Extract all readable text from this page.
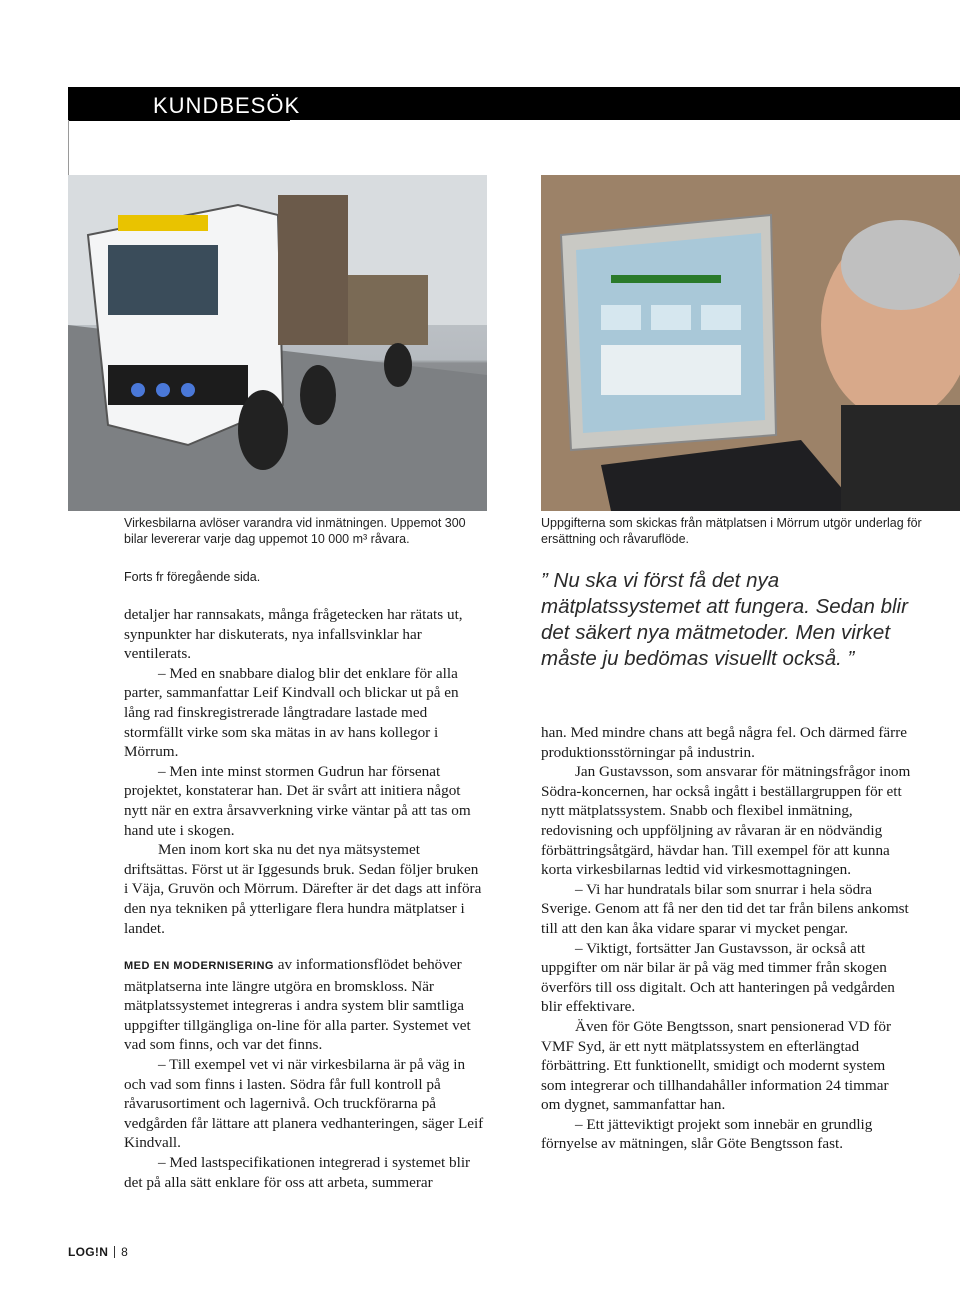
KUNDBESÖK
Virkesbilarna avlöser varandra vid inmätningen. Uppemot 300 bilar levererar varje dag uppemot 10 000 m³ råvara.
Uppgifterna som skickas från mätplatsen i Mörrum utgör underlag för ersättning och råvaruflöde.
Forts fr föregående sida.

detaljer har rannsakats, många frågetecken har rätats ut, synpunkter har diskuterats, nya infallsvinklar har ventilerats.

– Med en snabbare dialog blir det enklare för alla parter, sammanfattar Leif Kindvall och blickar ut på en lång rad finskregistrerade långtradare lastade med stormfällt virke som ska mätas in av hans kollegor i Mörrum.

– Men inte minst stormen Gudrun har försenat projektet, konstaterar han. Det är svårt att initiera något nytt när en extra årsavverkning virke väntar på att tas om hand ute i skogen.

Men inom kort ska nu det nya mätsystemet driftsättas. Först ut är Iggesunds bruk. Sedan följer bruken i Väja, Gruvön och Mörrum. Därefter är det dags att införa den nya tekniken på ytterligare flera hundra mätplatser i landet.

MED EN MODERNISERING av informationsflödet behöver mätplatserna inte längre utgöra en bromskloss. När mätplatssystemet integreras i andra system blir samtliga uppgifter tillgängliga on-line för alla parter. Systemet vet vad som finns, och var det finns.

– Till exempel vet vi när virkesbilarna är på väg in och vad som finns i lasten. Södra får full kontroll på råvarusortiment och lagernivå. Och truckförarna på vedgården får lättare att planera vedhanteringen, säger Leif Kindvall.

– Med lastspecifikationen integrerad i systemet blir det på alla sätt enklare för oss att arbeta, summerar

” Nu ska vi först få det nya mätplatssystemet att fungera. Sedan blir det säkert nya mätmetoder. Men virket måste ju bedömas visuellt också. ”

han. Med mindre chans att begå några fel. Och därmed färre produktionsstörningar på industrin.

Jan Gustavsson, som ansvarar för mätningsfrågor inom Södra-koncernen, har också ingått i beställargruppen för ett nytt mätplatssystem. Snabb och flexibel inmätning, redovisning och uppföljning av råvaran är en nödvändig förbättringsåtgärd, hävdar han. Till exempel för att kunna korta virkesbilarnas ledtid vid virkesmottagningen.

– Vi har hundratals bilar som snurrar i hela södra Sverige. Genom att få ner den tid det tar från bilens ankomst till att den kan åka vidare sparar vi mycket pengar.

– Viktigt, fortsätter Jan Gustavsson, är också att uppgifter om när bilar är på väg med timmer från skogen överförs till oss digitalt. Och att hanteringen på vedgården blir effektivare.

Även för Göte Bengtsson, snart pensionerad VD för VMF Syd, är ett nytt mätplatssystem en efterlängtad förbättring. Ett funktionellt, smidigt och modernt system som integrerar och tillhandahåller information 24 timmar om dygnet, sammanfattar han.

– Ett jätteviktigt projekt som innebär en grundlig förnyelse av mätningen, slår Göte Bengtsson fast.

LOG!N 8
